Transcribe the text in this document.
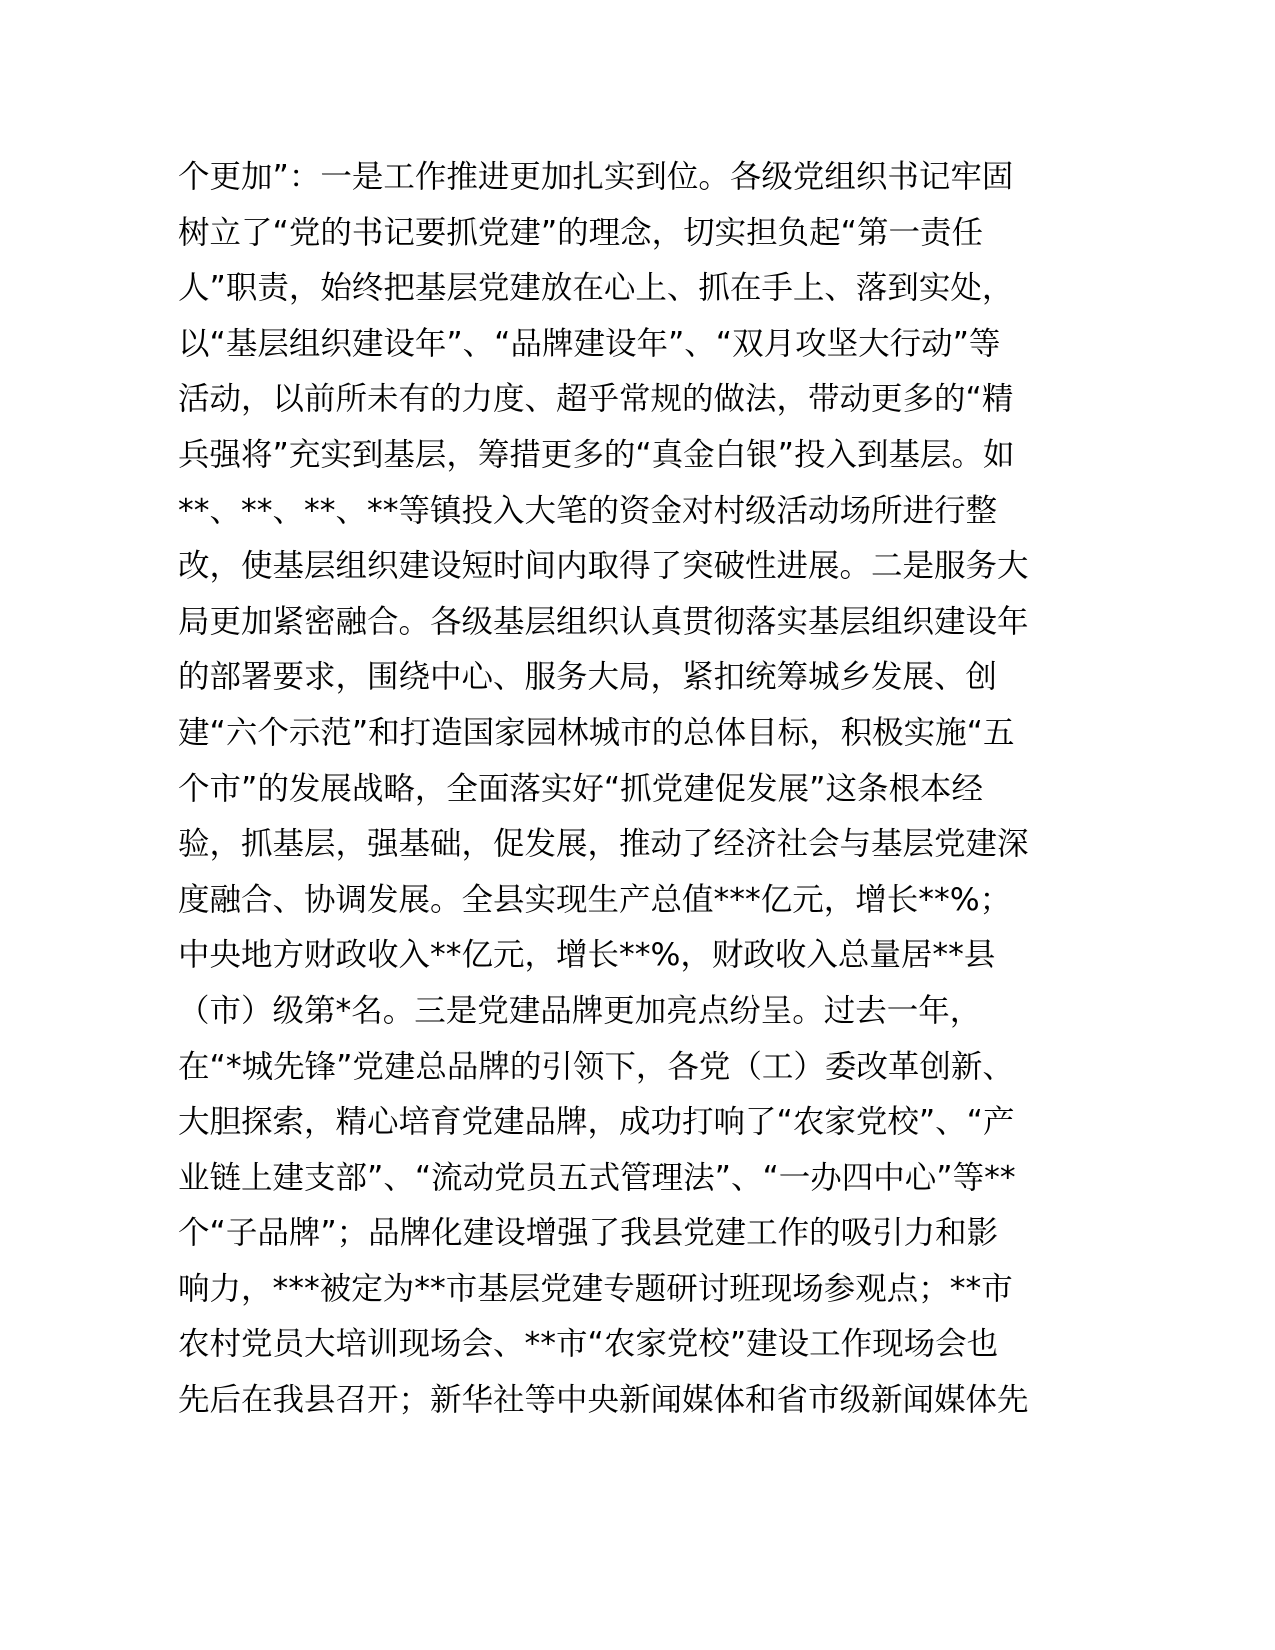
个更加”：一是工作推进更加扎实到位。各级党组织书记牢固
树立了“党的书记要抓党建”的理念，切实担负起“第一责任
人”职责，始终把基层党建放在心上、抓在手上、落到实处，
以“基层组织建设年”、“品牌建设年”、“双月攻坚大行动”等
活动，以前所未有的力度、超乎常规的做法，带动更多的“精
兵强将”充实到基层，筹措更多的“真金白银”投入到基层。如
**、**、**、**等镇投入大笔的资金对村级活动场所进行整
改，使基层组织建设短时间内取得了突破性进展。二是服务大
局更加紧密融合。各级基层组织认真贯彻落实基层组织建设年
的部署要求，围绕中心、服务大局，紧扣统筹城乡发展、创
建“六个示范”和打造国家园林城市的总体目标，积极实施“五
个市”的发展战略，全面落实好“抓党建促发展”这条根本经
验，抓基层，强基础，促发展，推动了经济社会与基层党建深
度融合、协调发展。全县实现生产总值***亿元，增长**%；
中央地方财政收入**亿元，增长**%，财政收入总量居**县
（市）级第*名。三是党建品牌更加亮点纷呈。过去一年，
在“*城先锋”党建总品牌的引领下，各党（工）委改革创新、
大胆探索，精心培育党建品牌，成功打响了“农家党校”、“产
业链上建支部”、“流动党员五式管理法”、“一办四中心”等**
个“子品牌”；品牌化建设增强了我县党建工作的吸引力和影
响力，***被定为**市基层党建专题研讨班现场参观点；**市
农村党员大培训现场会、**市“农家党校”建设工作现场会也
先后在我县召开；新华社等中央新闻媒体和省市级新闻媒体先
